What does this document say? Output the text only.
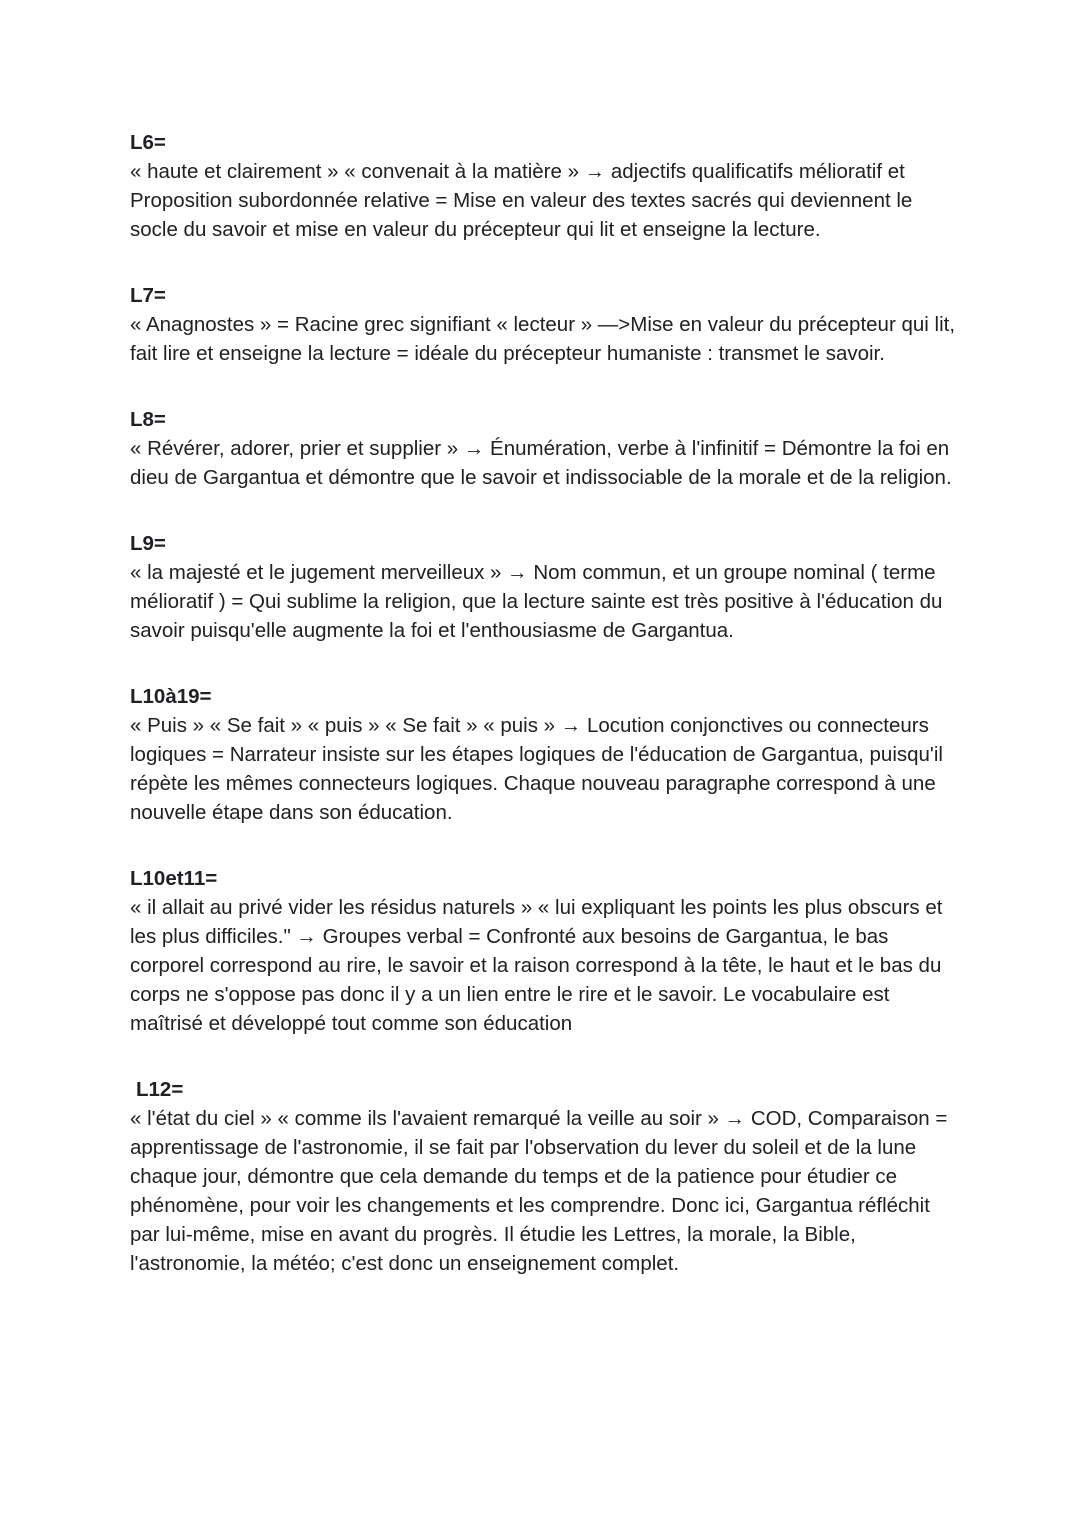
L6=

« haute et clairement » « convenait à la matière » → adjectifs qualificatifs mélioratif et Proposition subordonnée relative = Mise en valeur des textes sacrés qui deviennent le socle du savoir et mise en valeur du précepteur qui lit et enseigne la lecture.

L7=

« Anagnostes » = Racine grec signifiant « lecteur » —>Mise en valeur du précepteur qui lit, fait lire et enseigne la lecture = idéale du précepteur humaniste : transmet le savoir.

L8=

« Révérer, adorer, prier et supplier » → Énumération, verbe à l'infinitif = Démontre la foi en dieu de Gargantua et démontre que le savoir et indissociable de la morale et de la religion.

L9=

« la majesté et le jugement merveilleux » → Nom commun, et un groupe nominal ( terme mélioratif ) = Qui sublime la religion, que la lecture sainte est très positive à l'éducation du savoir puisqu'elle augmente la foi et l'enthousiasme de Gargantua.

L10à19=

« Puis » « Se fait » « puis » « Se fait » « puis » → Locution conjonctives ou connecteurs logiques = Narrateur insiste sur les étapes logiques de l'éducation de Gargantua, puisqu'il répète les mêmes connecteurs logiques. Chaque nouveau paragraphe correspond à une nouvelle étape dans son éducation.

L10et11=

« il allait au privé vider les résidus naturels » « lui expliquant les points les plus obscurs et les plus difficiles." → Groupes verbal = Confronté aux besoins de Gargantua, le bas corporel correspond au rire, le savoir et la raison correspond à la tête, le haut et le bas du corps ne s'oppose pas donc il y a un lien entre le rire et le savoir. Le vocabulaire est maîtrisé et développé tout comme son éducation

L12=

« l'état du ciel » « comme ils l'avaient remarqué la veille au soir » → COD, Comparaison = apprentissage de l'astronomie, il se fait par l'observation du lever du soleil et de la lune chaque jour, démontre que cela demande du temps et de la patience pour étudier ce phénomène, pour voir les changements et les comprendre. Donc ici, Gargantua réfléchit par lui-même, mise en avant du progrès. Il étudie les Lettres, la morale, la Bible, l'astronomie, la météo; c'est donc un enseignement complet.
